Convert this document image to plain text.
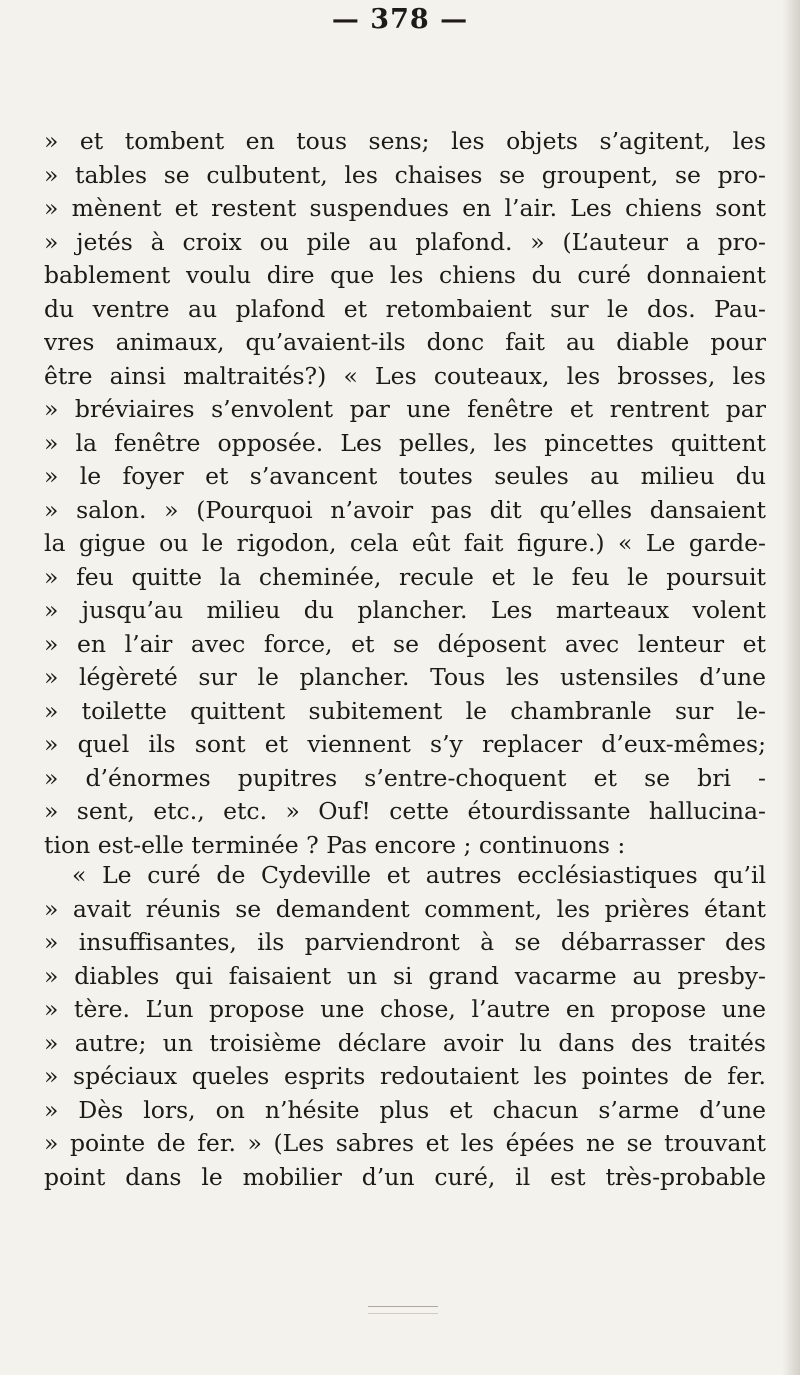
— 378 —
» et tombent en tous sens; les objets s’agitent, les
» tables se culbutent, les chaises se groupent, se pro-
» mènent et restent suspendues en l’air. Les chiens sont
» jetés à croix ou pile au plafond. » (L’auteur a pro-
bablement voulu dire que les chiens du curé donnaient
du ventre au plafond et retombaient sur le dos. Pau-
vres animaux, qu’avaient-ils donc fait au diable pour
être ainsi maltraités?) « Les couteaux, les brosses, les
» bréviaires s’envolent par une fenêtre et rentrent par
» la fenêtre opposée. Les pelles, les pincettes quittent
» le foyer et s’avancent toutes seules au milieu du
» salon. » (Pourquoi n’avoir pas dit qu’elles dansaient
la gigue ou le rigodon, cela eût fait figure.) « Le garde-
» feu quitte la cheminée, recule et le feu le poursuit
» jusqu’au milieu du plancher. Les marteaux volent
» en l’air avec force, et se déposent avec lenteur et
» légèreté sur le plancher. Tous les ustensiles d’une
» toilette quittent subitement le chambranle sur le-
» quel ils sont et viennent s’y replacer d’eux-mêmes;
» d’énormes pupitres s’entre-choquent et se bri -
» sent, etc., etc. » Ouf! cette étourdissante hallucina-
tion est-elle terminée ? Pas encore ; continuons :
« Le curé de Cydeville et autres ecclésiastiques qu’il
» avait réunis se demandent comment, les prières étant
» insuffisantes, ils parviendront à se débarrasser des
» diables qui faisaient un si grand vacarme au presby-
» tère. L’un propose une chose, l’autre en propose une
» autre; un troisième déclare avoir lu dans des traités
» spéciaux queles esprits redoutaient les pointes de fer.
» Dès lors, on n’hésite plus et chacun s’arme d’une
» pointe de fer. » (Les sabres et les épées ne se trouvant
point dans le mobilier d’un curé, il est très-probable
